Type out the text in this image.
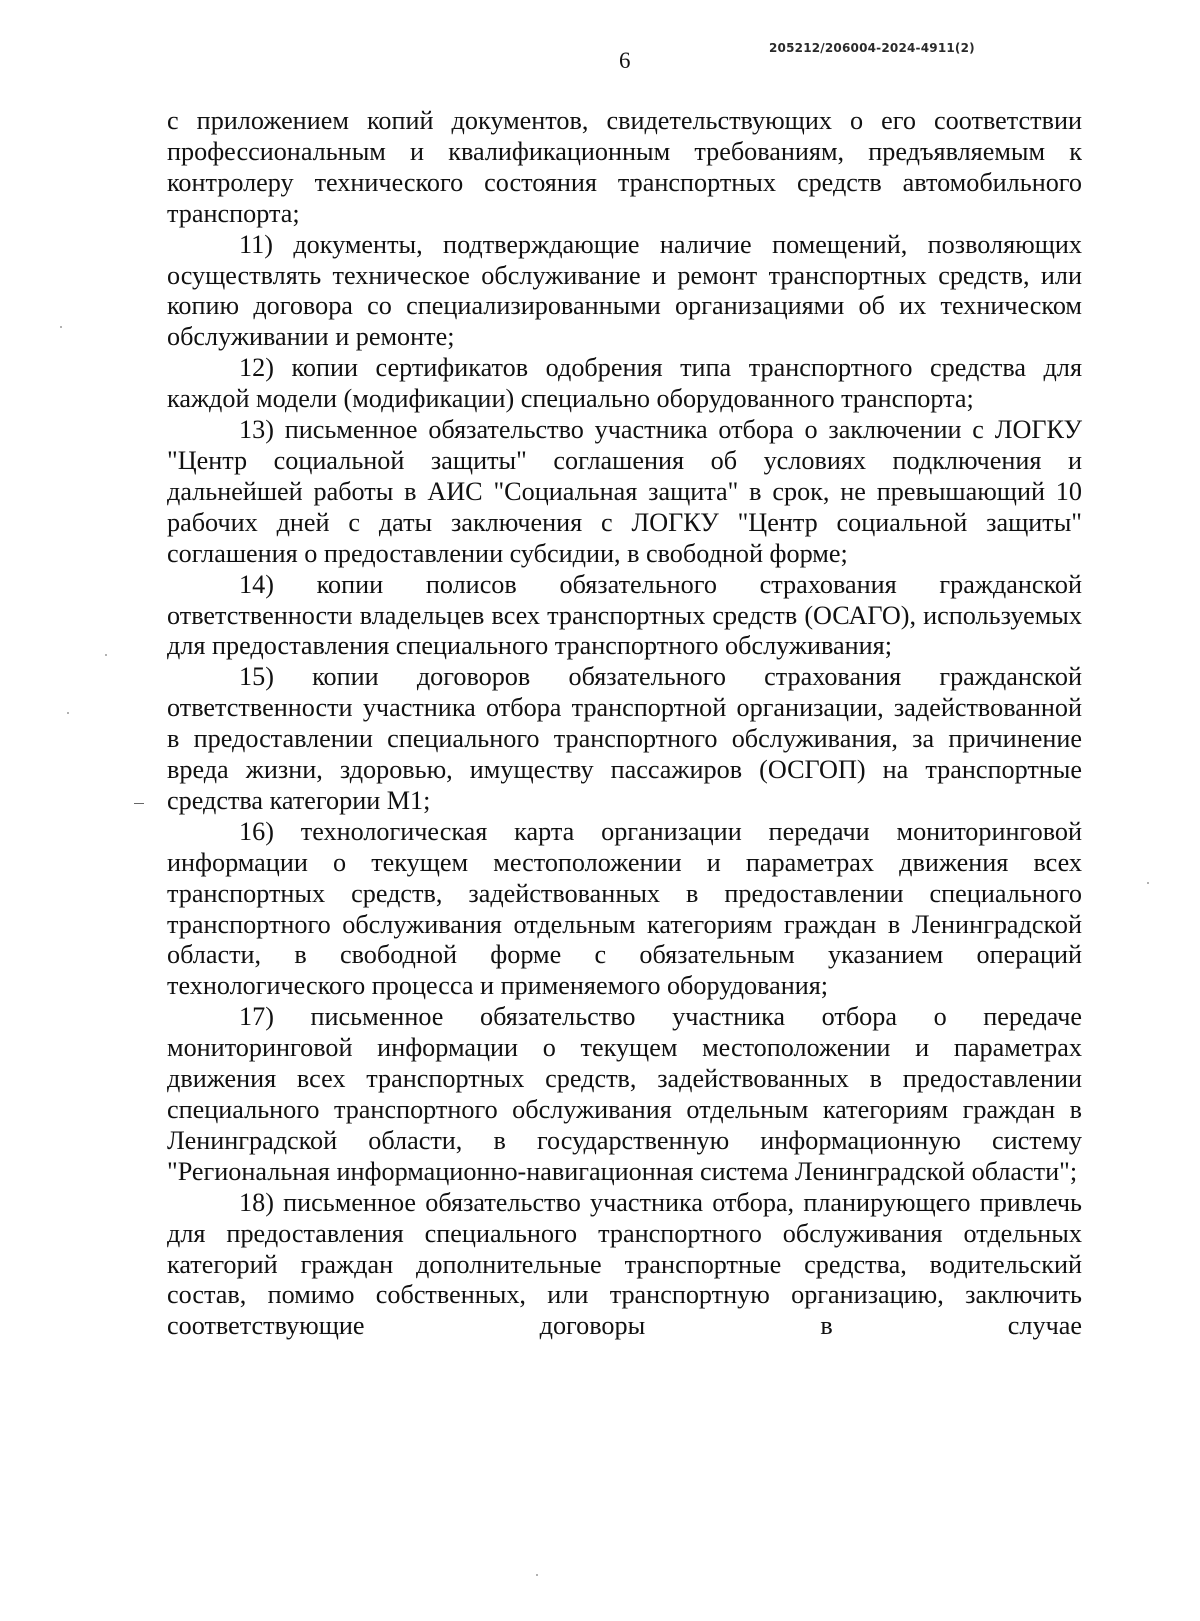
6	205212/206004-2024-4911(2)

с приложением копий документов, свидетельствующих о его соответствии профессиональным и квалификационным требованиям, предъявляемым к контролеру технического состояния транспортных средств автомобильного транспорта;

11) документы, подтверждающие наличие помещений, позволяющих осуществлять техническое обслуживание и ремонт транспортных средств, или копию договора со специализированными организациями об их техническом обслуживании и ремонте;

12) копии сертификатов одобрения типа транспортного средства для каждой модели (модификации) специально оборудованного транспорта;

13) письменное обязательство участника отбора о заключении с ЛОГКУ "Центр социальной защиты" соглашения об условиях подключения и дальнейшей работы в АИС "Социальная защита" в срок, не превышающий 10 рабочих дней с даты заключения с ЛОГКУ "Центр социальной защиты" соглашения о предоставлении субсидии, в свободной форме;

14) копии полисов обязательного страхования гражданской ответственности владельцев всех транспортных средств (ОСАГО), используемых для предоставления специального транспортного обслуживания;

15) копии договоров обязательного страхования гражданской ответственности участника отбора транспортной организации, задействованной в предоставлении специального транспортного обслуживания, за причинение вреда жизни, здоровью, имуществу пассажиров (ОСГОП) на транспортные средства категории М1;

16) технологическая карта организации передачи мониторинговой информации о текущем местоположении и параметрах движения всех транспортных средств, задействованных в предоставлении специального транспортного обслуживания отдельным категориям граждан в Ленинградской области, в свободной форме с обязательным указанием операций технологического процесса и применяемого оборудования;

17) письменное обязательство участника отбора о передаче мониторинговой информации о текущем местоположении и параметрах движения всех транспортных средств, задействованных в предоставлении специального транспортного обслуживания отдельным категориям граждан в Ленинградской области, в государственную информационную систему "Региональная информационно-навигационная система Ленинградской области";

18) письменное обязательство участника отбора, планирующего привлечь для предоставления специального транспортного обслуживания отдельных категорий граждан дополнительные транспортные средства, водительский состав, помимо собственных, или транспортную организацию, заключить соответствующие договоры в случае
